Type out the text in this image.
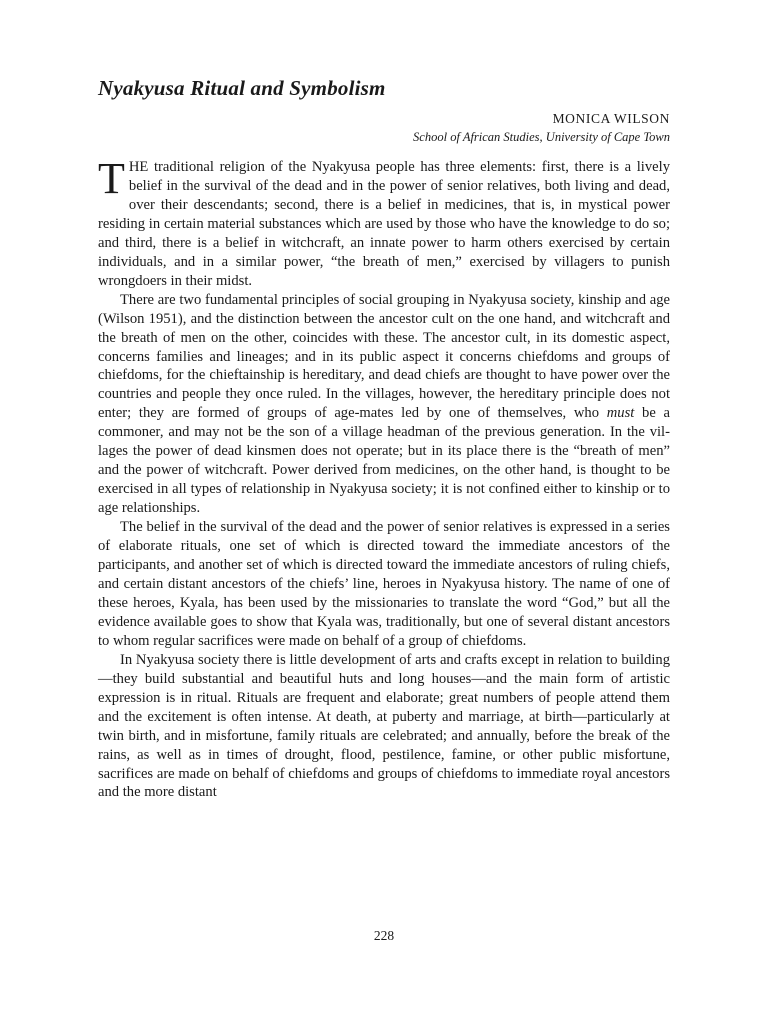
Nyakyusa Ritual and Symbolism
MONICA WILSON
School of African Studies, University of Cape Town

THE traditional religion of the Nyakyusa people has three elements: first, there is a lively belief in the survival of the dead and in the power of senior relatives, both living and dead, over their descendants; second, there is a belief in medicines, that is, in mystical power residing in certain material substances which are used by those who have the knowledge to do so; and third, there is a belief in witchcraft, an innate power to harm others exercised by certain individuals, and in a similar power, “the breath of men,” exercised by villagers to punish wrongdoers in their midst.

There are two fundamental principles of social grouping in Nyakyusa society, kinship and age (Wilson 1951), and the distinction between the ancestor cult on the one hand, and witchcraft and the breath of men on the other, coincides with these. The ancestor cult, in its domestic aspect, concerns families and lineages; and in its public aspect it concerns chiefdoms and groups of chiefdoms, for the chieftainship is hereditary, and dead chiefs are thought to have power over the countries and people they once ruled. In the villages, however, the hereditary principle does not enter; they are formed of groups of age-mates led by one of themselves, who must be a commoner, and may not be the son of a village headman of the previous generation. In the villages the power of dead kinsmen does not operate; but in its place there is the “breath of men” and the power of witchcraft. Power derived from medicines, on the other hand, is thought to be exercised in all types of relationship in Nyakyusa society; it is not confined either to kinship or to age relationships.

The belief in the survival of the dead and the power of senior relatives is expressed in a series of elaborate rituals, one set of which is directed toward the immediate ancestors of the participants, and another set of which is directed toward the immediate ancestors of ruling chiefs, and certain distant ancestors of the chiefs’ line, heroes in Nyakyusa history. The name of one of these heroes, Kyala, has been used by the missionaries to translate the word “God,” but all the evidence available goes to show that Kyala was, traditionally, but one of several distant ancestors to whom regular sacrifices were made on behalf of a group of chiefdoms.

In Nyakyusa society there is little development of arts and crafts except in relation to building—they build substantial and beautiful huts and long houses—and the main form of artistic expression is in ritual. Rituals are frequent and elaborate; great numbers of people attend them and the excitement is often intense. At death, at puberty and marriage, at birth—particularly at twin birth, and in misfortune, family rituals are celebrated; and annually, before the break of the rains, as well as in times of drought, flood, pestilence, famine, or other public misfortune, sacrifices are made on behalf of chiefdoms and groups of chiefdoms to immediate royal ancestors and the more distant

228
